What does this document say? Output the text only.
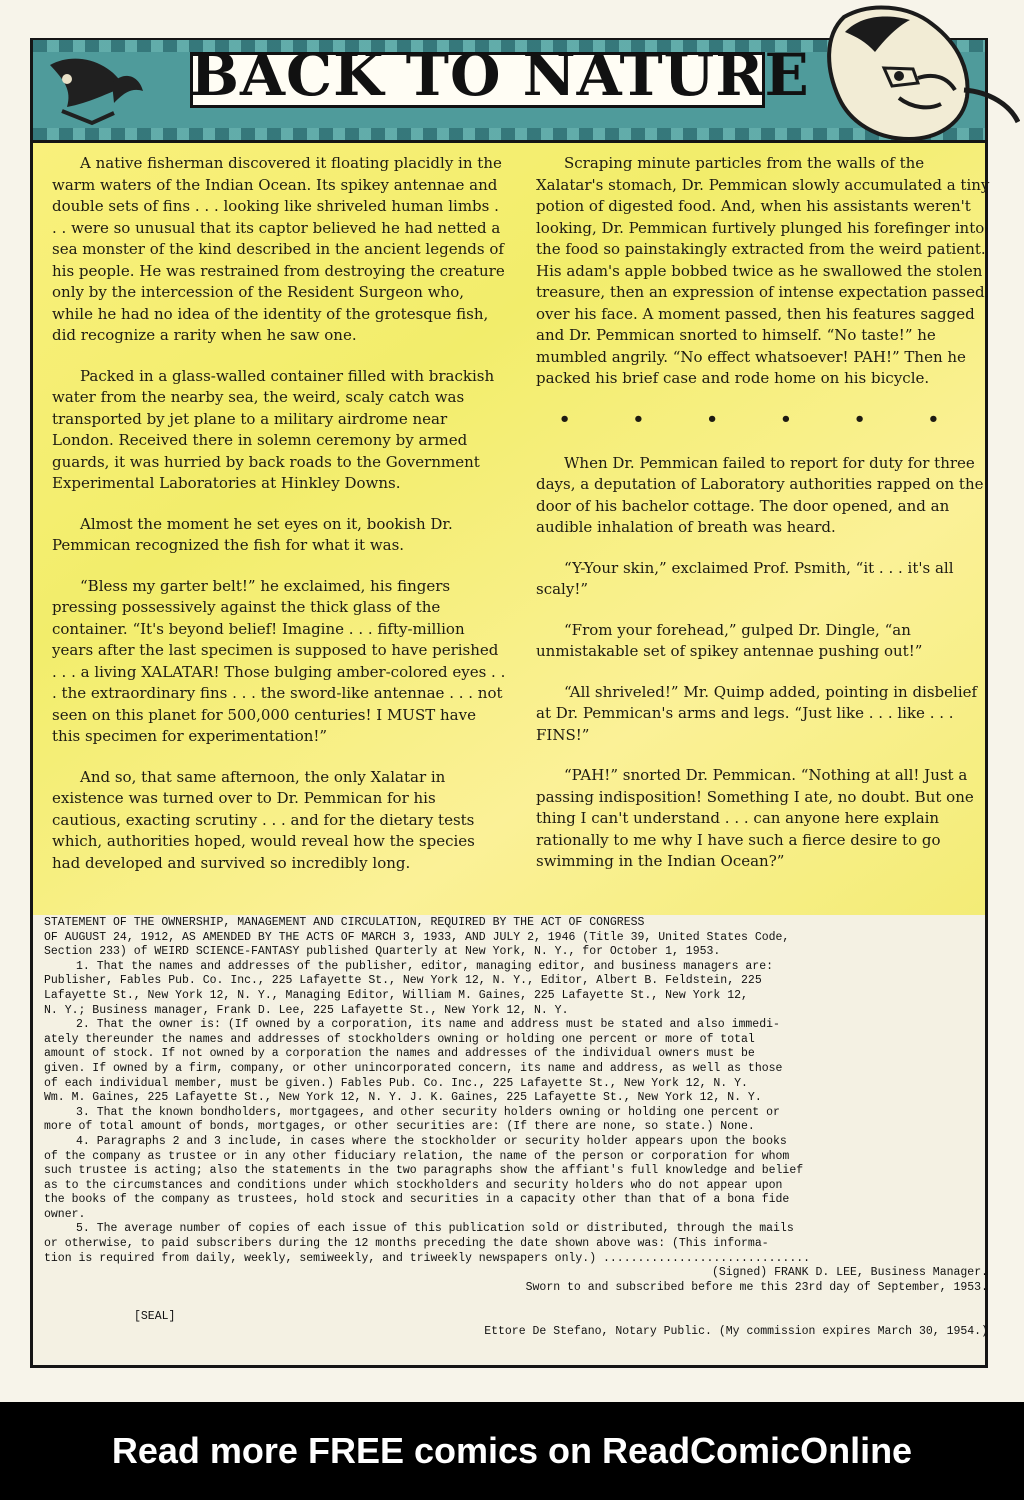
BACK TO NATURE

A native fisherman discovered it floating placidly in the warm waters of the Indian Ocean. Its spikey antennae and double sets of fins . . . looking like shriveled human limbs . . . were so unusual that its captor believed he had netted a sea monster of the kind described in the ancient legends of his people. He was restrained from destroying the creature only by the intercession of the Resident Surgeon who, while he had no idea of the identity of the grotesque fish, did recognize a rarity when he saw one.

Packed in a glass-walled container filled with brackish water from the nearby sea, the weird, scaly catch was transported by jet plane to a military airdrome near London. Received there in solemn ceremony by armed guards, it was hurried by back roads to the Government Experimental Laboratories at Hinkley Downs.

Almost the moment he set eyes on it, bookish Dr. Pemmican recognized the fish for what it was.

“Bless my garter belt!” he exclaimed, his fingers pressing possessively against the thick glass of the container. “It's beyond belief! Imagine . . . fifty-million years after the last specimen is supposed to have perished . . . a living XALATAR! Those bulging amber-colored eyes . . . the extraordinary fins . . . the sword-like antennae . . . not seen on this planet for 500,000 centuries! I MUST have this specimen for experimentation!”

And so, that same afternoon, the only Xalatar in existence was turned over to Dr. Pemmican for his cautious, exacting scrutiny . . . and for the dietary tests which, authorities hoped, would reveal how the species had developed and survived so incredibly long.

Scraping minute particles from the walls of the Xalatar's stomach, Dr. Pemmican slowly accumulated a tiny potion of digested food. And, when his assistants weren't looking, Dr. Pemmican furtively plunged his forefinger into the food so painstakingly extracted from the weird patient. His adam's apple bobbed twice as he swallowed the stolen treasure, then an expression of intense expectation passed over his face. A moment passed, then his features sagged and Dr. Pemmican snorted to himself. “No taste!” he mumbled angrily. “No effect whatsoever! PAH!” Then he packed his brief case and rode home on his bicycle.

• • • • • •

When Dr. Pemmican failed to report for duty for three days, a deputation of Laboratory authorities rapped on the door of his bachelor cottage. The door opened, and an audible inhalation of breath was heard.

“Y-Your skin,” exclaimed Prof. Psmith, “it . . . it's all scaly!”

“From your forehead,” gulped Dr. Dingle, “an unmistakable set of spikey antennae pushing out!”

“All shriveled!” Mr. Quimp added, pointing in disbelief at Dr. Pemmican's arms and legs. “Just like . . . like . . . FINS!”

“PAH!” snorted Dr. Pemmican. “Nothing at all! Just a passing indisposition! Something I ate, no doubt. But one thing I can't understand . . . can anyone here explain rationally to me why I have such a fierce desire to go swimming in the Indian Ocean?”

STATEMENT OF THE OWNERSHIP, MANAGEMENT AND CIRCULATION, REQUIRED BY THE ACT OF CONGRESS
OF AUGUST 24, 1912, AS AMENDED BY THE ACTS OF MARCH 3, 1933, AND JULY 2, 1946 (Title 39, United States Code,
Section 233) of WEIRD SCIENCE-FANTASY published Quarterly at New York, N. Y., for October 1, 1953.
1. That the names and addresses of the publisher, editor, managing editor, and business managers are:
Publisher, Fables Pub. Co. Inc., 225 Lafayette St., New York 12, N. Y., Editor, Albert B. Feldstein, 225
Lafayette St., New York 12, N. Y., Managing Editor, William M. Gaines, 225 Lafayette St., New York 12,
N. Y.; Business manager, Frank D. Lee, 225 Lafayette St., New York 12, N. Y.
2. That the owner is: (If owned by a corporation, its name and address must be stated and also immedi-
ately thereunder the names and addresses of stockholders owning or holding one percent or more of total
amount of stock. If not owned by a corporation the names and addresses of the individual owners must be
given. If owned by a firm, company, or other unincorporated concern, its name and address, as well as those
of each individual member, must be given.) Fables Pub. Co. Inc., 225 Lafayette St., New York 12, N. Y.
Wm. M. Gaines, 225 Lafayette St., New York 12, N. Y. J. K. Gaines, 225 Lafayette St., New York 12, N. Y.
3. That the known bondholders, mortgagees, and other security holders owning or holding one percent or
more of total amount of bonds, mortgages, or other securities are: (If there are none, so state.) None.
4. Paragraphs 2 and 3 include, in cases where the stockholder or security holder appears upon the books
of the company as trustee or in any other fiduciary relation, the name of the person or corporation for whom
such trustee is acting; also the statements in the two paragraphs show the affiant's full knowledge and belief
as to the circumstances and conditions under which stockholders and security holders who do not appear upon
the books of the company as trustees, hold stock and securities in a capacity other than that of a bona fide
owner.
5. The average number of copies of each issue of this publication sold or distributed, through the mails
or otherwise, to paid subscribers during the 12 months preceding the date shown above was: (This informa-
tion is required from daily, weekly, semiweekly, and triweekly newspapers only.) ..............................
(Signed) FRANK D. LEE, Business Manager.
Sworn to and subscribed before me this 23rd day of September, 1953.

[SEAL]

Ettore De Stefano, Notary Public. (My commission expires March 30, 1954.)

Read more FREE comics on ReadComicOnline
